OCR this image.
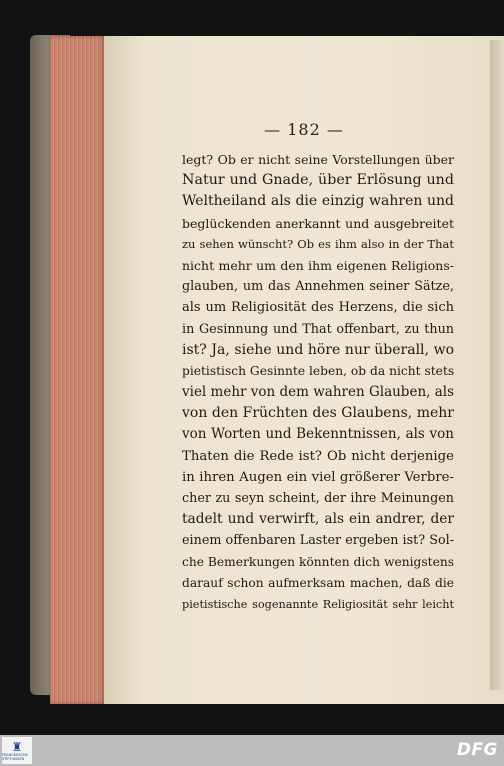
— 182 —
legt? Ob er nicht seine Vorstellungen über
Natur und Gnade, über Erlösung und
Weltheiland als die einzig wahren und
beglückenden anerkannt und ausgebreitet
zu sehen wünscht? Ob es ihm also in der That
nicht mehr um den ihm eigenen Religions-
glauben, um das Annehmen seiner Sätze,
als um Religiosität des Herzens, die sich
in Gesinnung und That offenbart, zu thun
ist? Ja, siehe und höre nur überall, wo
pietistisch Gesinnte leben, ob da nicht stets
viel mehr von dem wahren Glauben, als
von den Früchten des Glaubens, mehr
von Worten und Bekenntnissen, als von
Thaten die Rede ist? Ob nicht derjenige
in ihren Augen ein viel größerer Verbre-
cher zu seyn scheint, der ihre Meinungen
tadelt und verwirft, als ein andrer, der
einem offenbaren Laster ergeben ist? Sol-
che Bemerkungen könnten dich wenigstens
darauf schon aufmerksam machen, daß die
pietistische sogenannte Religiosität sehr leicht
♜
FRANCKESCHE STIFTUNGEN	DFG
